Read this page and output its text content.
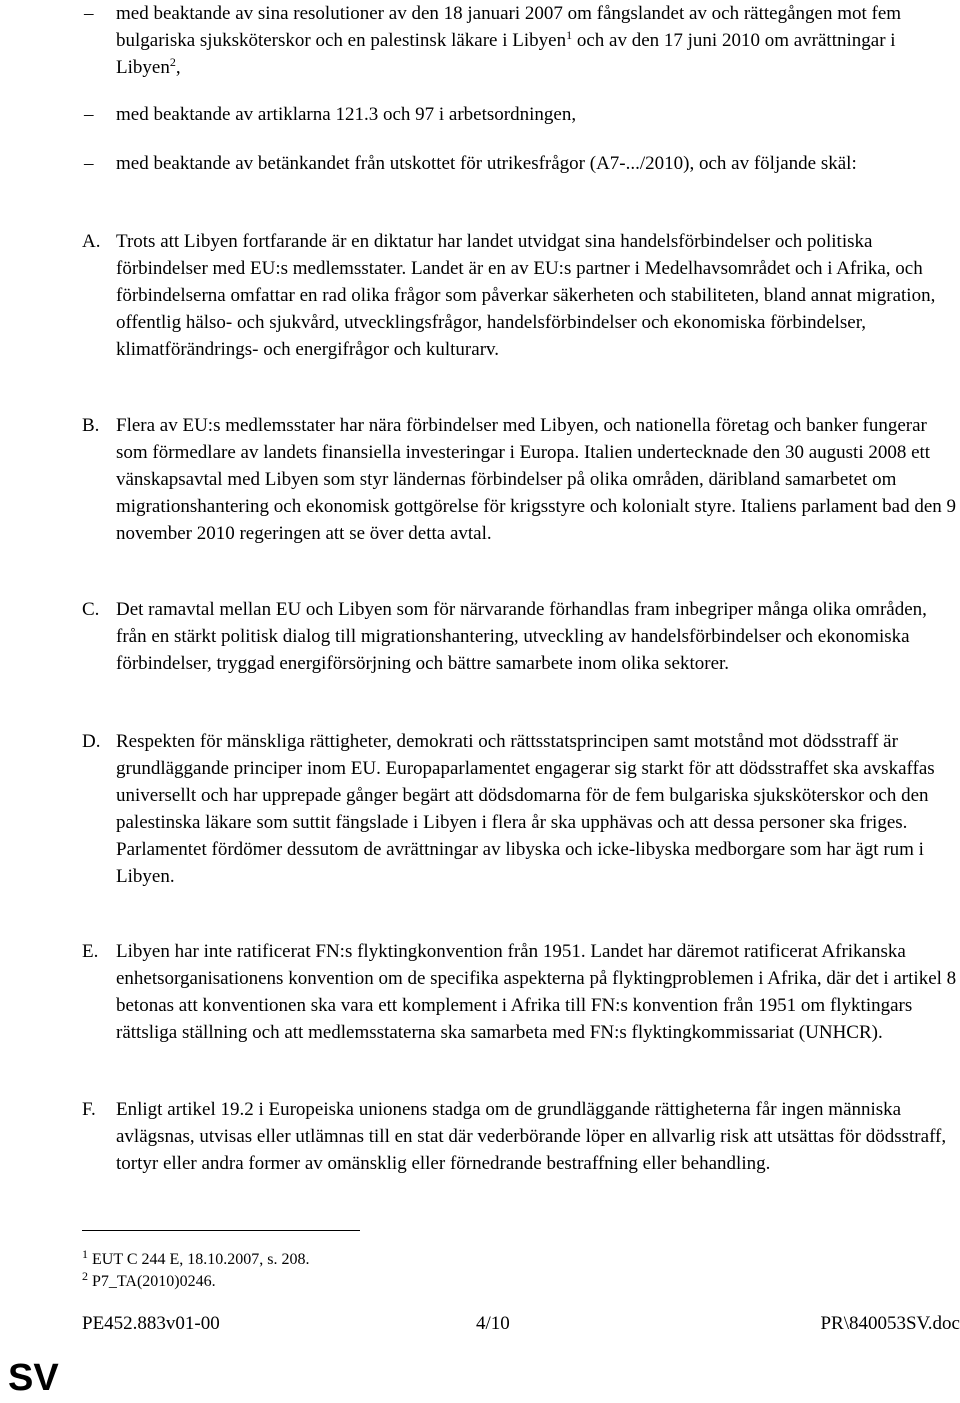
–	med beaktande av sina resolutioner av den 18 januari 2007 om fångslandet av och rättegången mot fem bulgariska sjuksköterskor och en palestinsk läkare i Libyen$^1$ och av den 17 juni 2010 om avrättningar i Libyen$^2$,
–	med beaktande av artiklarna 121.3 och 97 i arbetsordningen,
–	med beaktande av betänkandet från utskottet för utrikesfrågor (A7-.../2010), och av följande skäl:
A. Trots att Libyen fortfarande är en diktatur har landet utvidgat sina handelsförbindelser och politiska förbindelser med EU:s medlemsstater. Landet är en av EU:s partner i Medelhavsområdet och i Afrika, och förbindelserna omfattar en rad olika frågor som påverkar säkerheten och stabiliteten, bland annat migration, offentlig hälso- och sjukvård, utvecklingsfrågor, handelsförbindelser och ekonomiska förbindelser, klimatförändrings- och energifrågor och kulturarv.
B. Flera av EU:s medlemsstater har nära förbindelser med Libyen, och nationella företag och banker fungerar som förmedlare av landets finansiella investeringar i Europa. Italien undertecknade den 30 augusti 2008 ett vänskapsavtal med Libyen som styr ländernas förbindelser på olika områden, däribland samarbetet om migrationshantering och ekonomisk gottgörelse för krigsstyre och kolonialt styre. Italiens parlament bad den 9 november 2010 regeringen att se över detta avtal.
C. Det ramavtal mellan EU och Libyen som för närvarande förhandlas fram inbegriper många olika områden, från en stärkt politisk dialog till migrationshantering, utveckling av handelsförbindelser och ekonomiska förbindelser, tryggad energiförsörjning och bättre samarbete inom olika sektorer.
D. Respekten för mänskliga rättigheter, demokrati och rättsstatsprincipen samt motstånd mot dödsstraff är grundläggande principer inom EU. Europaparlamentet engagerar sig starkt för att dödsstraffet ska avskaffas universellt och har upprepade gånger begärt att dödsdomarna för de fem bulgariska sjuksköterskor och den palestinska läkare som suttit fängslade i Libyen i flera år ska upphävas och att dessa personer ska friges. Parlamentet fördömer dessutom de avrättningar av libyska och icke-libyska medborgare som har ägt rum i Libyen.
E. Libyen har inte ratificerat FN:s flyktingkonvention från 1951. Landet har däremot ratificerat Afrikanska enhetsorganisationens konvention om de specifika aspekterna på flyktingproblemen i Afrika, där det i artikel 8 betonas att konventionen ska vara ett komplement i Afrika till FN:s konvention från 1951 om flyktingars rättsliga ställning och att medlemsstaterna ska samarbeta med FN:s flyktingkommissariat (UNHCR).
F.	Enligt artikel 19.2 i Europeiska unionens stadga om de grundläggande rättigheterna får ingen människa avlägsnas, utvisas eller utlämnas till en stat där vederbörande löper en allvarlig risk att utsättas för dödsstraff, tortyr eller andra former av omänsklig eller förnedrande bestraffning eller behandling.
$^1$ EUT C 244 E, 18.10.2007, s. 208.
$^2$ P7_TA(2010)0246.
PE452.883v01-00	4/10	PR\840053SV.doc
SV
